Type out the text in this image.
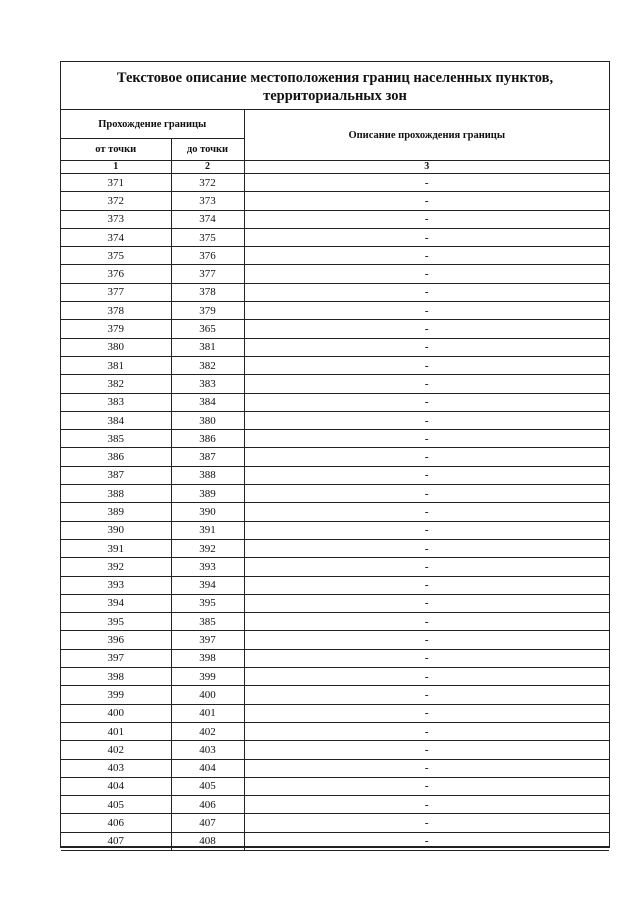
Текстовое описание местоположения границ населенных пунктов,
территориальных зон
Прохождение границы		Описание прохождения границы
от точки	до точки	
1	2	3
371	372	-
372	373	-
373	374	-
374	375	-
375	376	-
376	377	-
377	378	-
378	379	-
379	365	-
380	381	-
381	382	-
382	383	-
383	384	-
384	380	-
385	386	-
386	387	-
387	388	-
388	389	-
389	390	-
390	391	-
391	392	-
392	393	-
393	394	-
394	395	-
395	385	-
396	397	-
397	398	-
398	399	-
399	400	-
400	401	-
401	402	-
402	403	-
403	404	-
404	405	-
405	406	-
406	407	-
407	408	-
